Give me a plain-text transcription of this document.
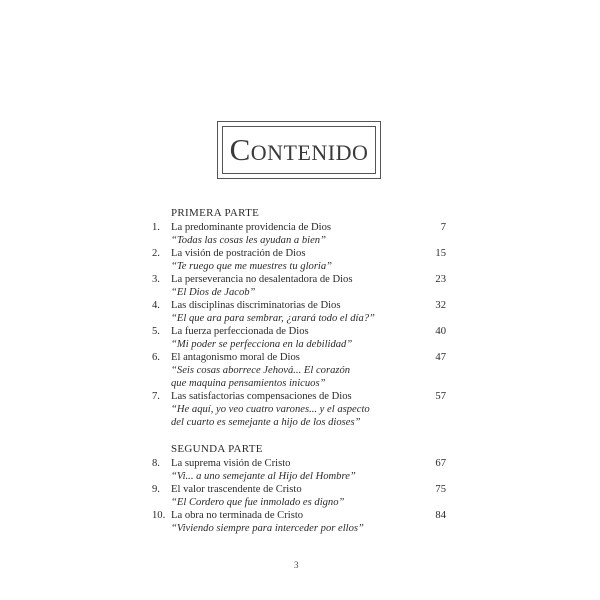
Contenido
PRIMERA PARTE
1.	La predominante providencia de Dios	7
“Todas las cosas les ayudan a bien”
2.	La visión de postración de Dios	15
“Te ruego que me muestres tu gloria”
3.	La perseverancia no desalentadora de Dios	23
“El Dios de Jacob”
4.	Las disciplinas discriminatorias de Dios	32
“El que ara para sembrar, ¿arará todo el día?”
5.	La fuerza perfeccionada de Dios	40
“Mi poder se perfecciona en la debilidad”
6.	El antagonismo moral de Dios	47
“Seis cosas aborrece Jehová... El corazón
que maquina pensamientos inicuos”
7.	Las satisfactorias compensaciones de Dios	57
“He aquí, yo veo cuatro varones... y el aspecto
del cuarto es semejante a hijo de los dioses”
SEGUNDA PARTE
8.	La suprema visión de Cristo	67
“Vi... a uno semejante al Hijo del Hombre”
9.	El valor trascendente de Cristo	75
“El Cordero que fue inmolado es digno”
10. La obra no terminada de Cristo	84
“Viviendo siempre para interceder por ellos”
3
